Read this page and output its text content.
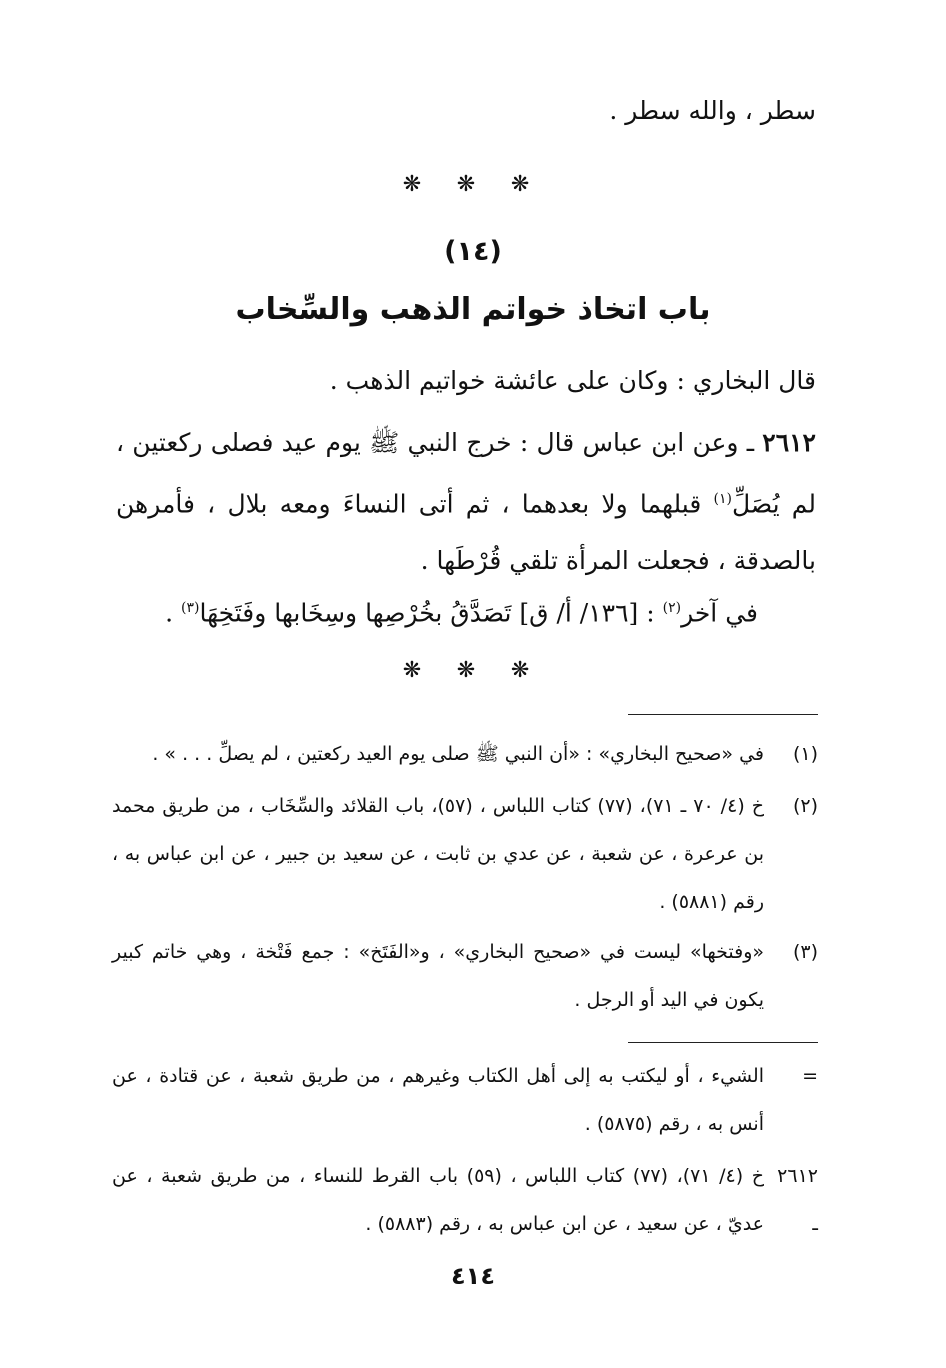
سطر ، والله سطر .
❋ ❋ ❋
(١٤)
باب اتخاذ خواتم الذهب والسِّخاب
قال البخاري : وكان على عائشة خواتيم الذهب .
٢٦١٢ ـ وعن ابن عباس قال : خرج النبي ﷺ يوم عيد فصلى ركعتين ، لم يُصَلِّ$^{(١)}$ قبلهما ولا بعدهما ، ثم أتى النساءَ ومعه بلال ، فأمرهن بالصدقة ، فجعلت المرأة تلقي قُرْطَها .
في آخر$^{(٢)}$ : [١٣٦/ أ/ ق] تَصَدَّقُ بخُرْصِها وسِخَابها وفَتَخِهَا$^{(٣)}$ .
❋ ❋ ❋
(١)
في «صحيح البخاري» : «أن النبي ﷺ صلى يوم العيد ركعتين ، لم يصلِّ . . . » .
(٢)
خ (٤/ ٧٠ ـ ٧١)، (٧٧) كتاب اللباس ، (٥٧)، باب القلائد والسِّخَاب ، من طريق محمد بن عرعرة ، عن شعبة ، عن عدي بن ثابت ، عن سعيد بن جبير ، عن ابن عباس به ، رقم (٥٨٨١) .
(٣)
«وفتخها» ليست في «صحيح البخاري» ، و«الفَتَخ» : جمع فَتْخة ، وهي خاتم كبير يكون في اليد أو الرجل .
=
الشيء ، أو ليكتب به إلى أهل الكتاب وغيرهم ، من طريق شعبة ، عن قتادة ، عن أنس به ، رقم (٥٨٧٥) .
٢٦١٢ ـ
خ (٤/ ٧١)، (٧٧) كتاب اللباس ، (٥٩) باب القرط للنساء ، من طريق شعبة ، عن عديّ ، عن سعيد ، عن ابن عباس به ، رقم (٥٨٨٣) .
٤١٤
